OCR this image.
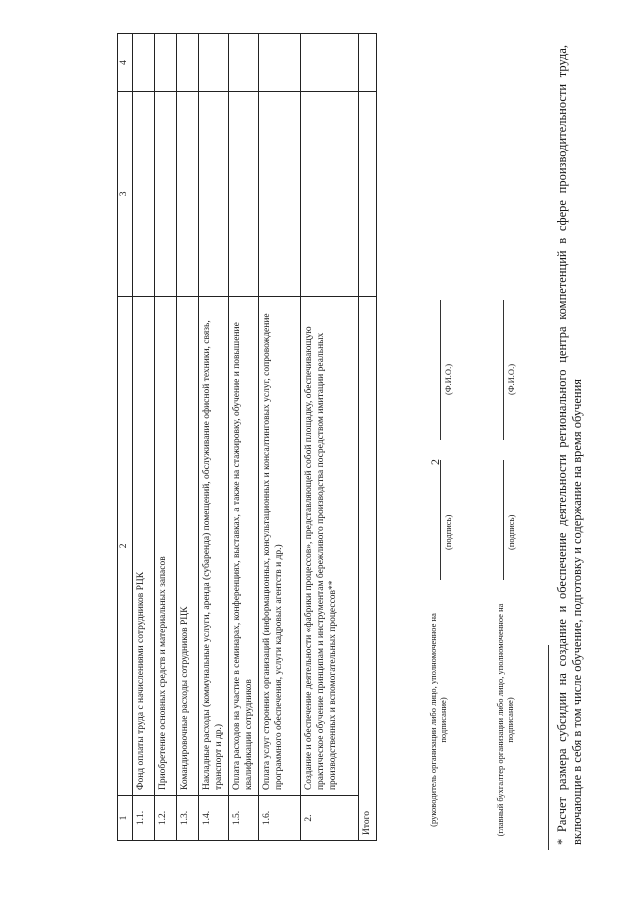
2
1	2	3	4
1.1.	Фонд оплаты труда с начислениями сотрудников РЦК		
1.2.	Приобретение основных средств и материальных запасов		
1.3.	Командировочные расходы сотрудников РЦК		
1.4.	Накладные расходы (коммунальные услуги, аренда (субаренда) помещений, обслуживание офисной техники, связь, транспорт и др.)		
1.5.	Оплата расходов на участие в семинарах, конференциях, выставках, а также на стажировку, обучение и повышение квалификации сотрудников		
1.6.	Оплата услуг сторонних организаций (информационных, консультационных и консалтинговых услуг, сопровождение программного обеспечения, услуги кадровых агентств и др.)		
2.	Создание и обеспечение деятельности «фабрики процессов», представляющей собой площадку, обеспечивающую практическое обучение принципам и инструментам бережливого производства посредством имитации реальных производственных и вспомогательных процессов**		
Итого				(руководитель организации либо лицо, уполномоченное на подписание)
(подпись)
(Ф.И.О.)
(главный бухгалтер организации либо лицо, уполномоченное на подписание)
(подпись)
(Ф.И.О.)	* Расчет размера субсидии на создание и обеспечение деятельности регионального центра компетенций в сфере производительности труда, включающие в себя в том числе обучение, подготовку и содержание на время обучения
